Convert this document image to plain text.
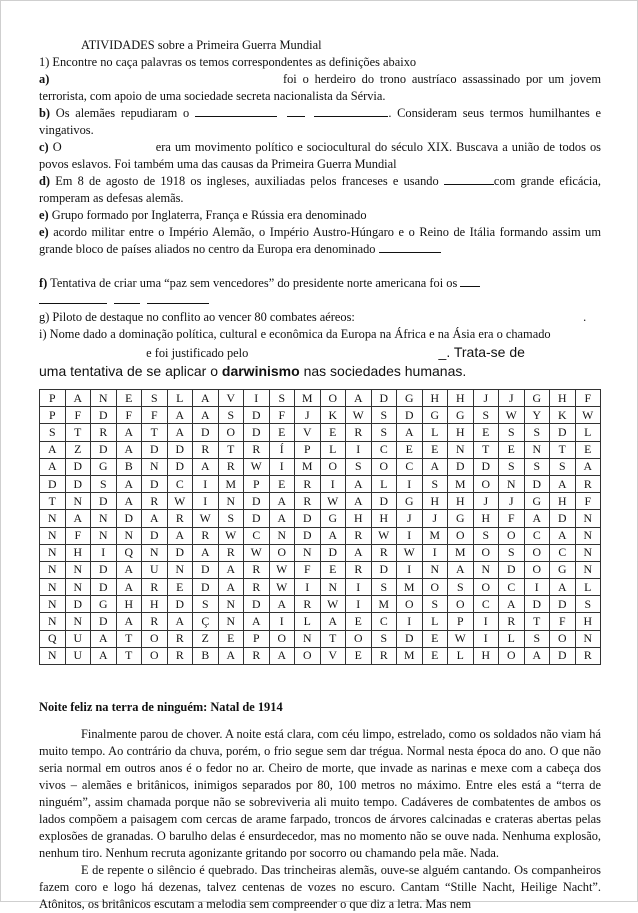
ATIVIDADES sobre a Primeira Guerra Mundial

1) Encontre no caça palavras os temos correspondentes as definições abaixo

a)	foi o herdeiro do trono austríaco assassinado por um jovem terrorista, com apoio de uma sociedade secreta nacionalista da Sérvia.

b) Os alemães repudiaram o	. Consideram seus termos humilhantes e vingativos.

c) O	era um movimento político e sociocultural do século XIX. Buscava a união de todos os povos eslavos. Foi também uma das causas da Primeira Guerra Mundial

d) Em 8 de agosto de 1918 os ingleses, auxiliadas pelos franceses e usando	com grande eficácia, romperam as defesas alemãs.

e) Grupo formado por Inglaterra, França e Rússia era denominado

e) acordo militar entre o Império Alemão, o Império Austro-Húngaro e o Reino de Itália formando assim um grande bloco de países aliados no centro da Europa era denominado

f) Tentativa de criar uma “paz sem vencedores” do presidente norte americana foi os

g) Piloto de destaque no conflito ao vencer 80 combates aéreos:	.

i) Nome dado a dominação política, cultural e econômica da Europa na África e na Ásia era o chamado
e foi justificado pelo	_. Trata-se de

uma tentativa de se aplicar o darwinismo nas sociedades humanas.

P	A	N	E	S	L	A	V	I	S	M	O	A	D	G	H	H	J	J	G	H	F
P	F	D	F	F	A	A	S	D	F	J	K	W	S	D	G	G	S	W	Y	K	W
S	T	R	A	T	A	D	O	D	E	V	E	R	S	A	L	H	E	S	S	D	L
A	Z	D	A	D	D	R	T	R	Í	P	L	I	C	E	E	N	T	E	N	T	E
A	D	G	B	N	D	A	R	W	I	M	O	S	O	C	A	D	D	S	S	S	A
D	D	S	A	D	C	I	M	P	E	R	I	A	L	I	S	M	O	N	D	A	R
T	N	D	A	R	W	I	N	D	A	R	W	A	D	G	H	H	J	J	G	H	F
N	A	N	D	A	R	W	S	D	A	D	G	H	H	J	J	G	H	F	A	D	N
N	F	N	N	D	A	R	W	C	N	D	A	R	W	I	M	O	S	O	C	A	N
N	H	I	Q	N	D	A	R	W	O	N	D	A	R	W	I	M	O	S	O	C	N
N	N	D	A	U	N	D	A	R	W	F	E	R	D	I	N	A	N	D	O	G	N
N	N	D	A	R	E	D	A	R	W	I	N	I	S	M	O	S	O	C	I	A	L
N	D	G	H	H	D	S	N	D	A	R	W	I	M	O	S	O	C	A	D	D	S
N	N	D	A	R	A	Ç	N	A	I	L	A	E	C	I	L	P	I	R	T	F	H
Q	U	A	T	O	R	Z	E	P	O	N	T	O	S	D	E	W	I	L	S	O	N
N	U	A	T	O	R	B	A	R	A	O	V	E	R	M	E	L	H	O	A	D	R

Noite feliz na terra de ninguém: Natal de 1914

Finalmente parou de chover. A noite está clara, com céu limpo, estrelado, como os soldados não viam há muito tempo. Ao contrário da chuva, porém, o frio segue sem dar trégua. Normal nesta época do ano. O que não seria normal em outros anos é o fedor no ar. Cheiro de morte, que invade as narinas e mexe com a cabeça dos vivos – alemães e britânicos, inimigos separados por 80, 100 metros no máximo. Entre eles está a “terra de ninguém”, assim chamada porque não se sobreviveria ali muito tempo. Cadáveres de combatentes de ambos os lados compõem a paisagem com cercas de arame farpado, troncos de árvores calcinadas e crateras abertas pelas explosões de granadas. O barulho delas é ensurdecedor, mas no momento não se ouve nada. Nenhuma explosão, nenhum tiro. Nenhum recruta agonizante gritando por socorro ou chamando pela mãe. Nada.

E de repente o silêncio é quebrado. Das trincheiras alemãs, ouve-se alguém cantando. Os companheiros fazem coro e logo há dezenas, talvez centenas de vozes no escuro. Cantam “Stille Nacht, Heilige Nacht”. Atônitos, os britânicos escutam a melodia sem compreender o que diz a letra. Mas nem
